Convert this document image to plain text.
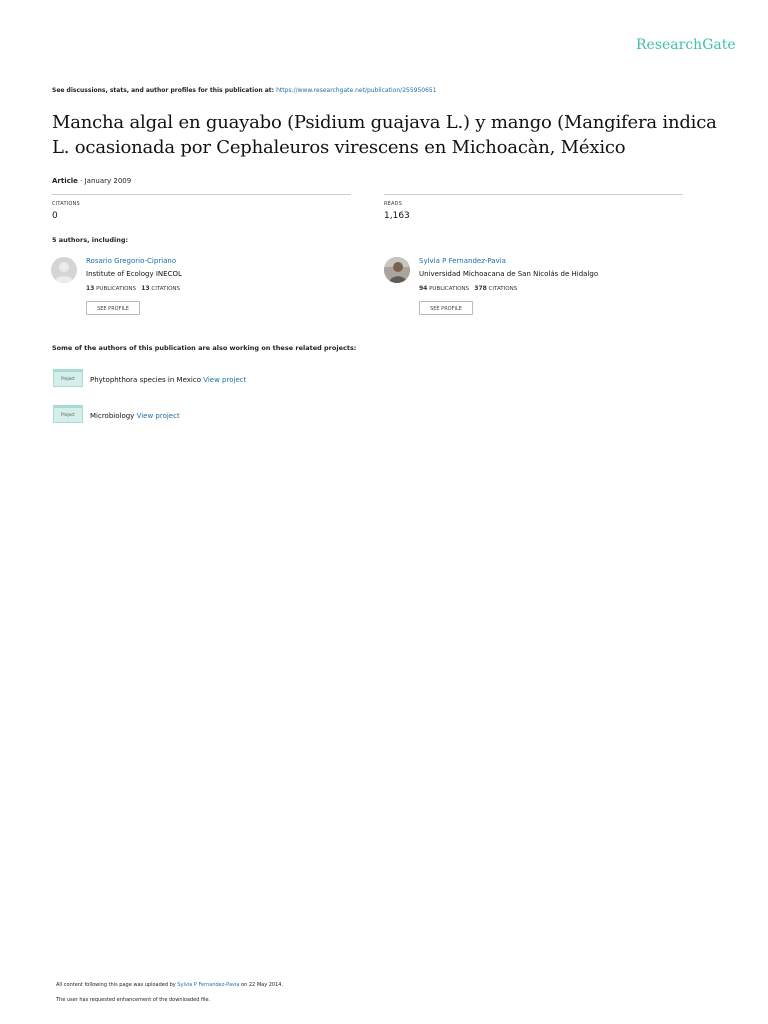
ResearchGate
See discussions, stats, and author profiles for this publication at: https://www.researchgate.net/publication/255950651
Mancha algal en guayabo (Psidium guajava L.) y mango (Mangifera indica L. ocasionada por Cephaleuros virescens en Michoacàn, México
Article · January 2009
CITATIONS
0
READS
1,163
5 authors, including:
Rosario Gregorio-Cipriano
Institute of Ecology INECOL
13 PUBLICATIONS 13 CITATIONS
SEE PROFILE
Sylvia P Fernandez-Pavia
Universidad Michoacana de San Nicolás de Hidalgo
94 PUBLICATIONS 378 CITATIONS
SEE PROFILE
Some of the authors of this publication are also working on these related projects:
Project	Phytophthora species in Mexico View project
Project	Microbiology View project
All content following this page was uploaded by Sylvia P Fernandez-Pavia on 22 May 2014.
The user has requested enhancement of the downloaded file.
